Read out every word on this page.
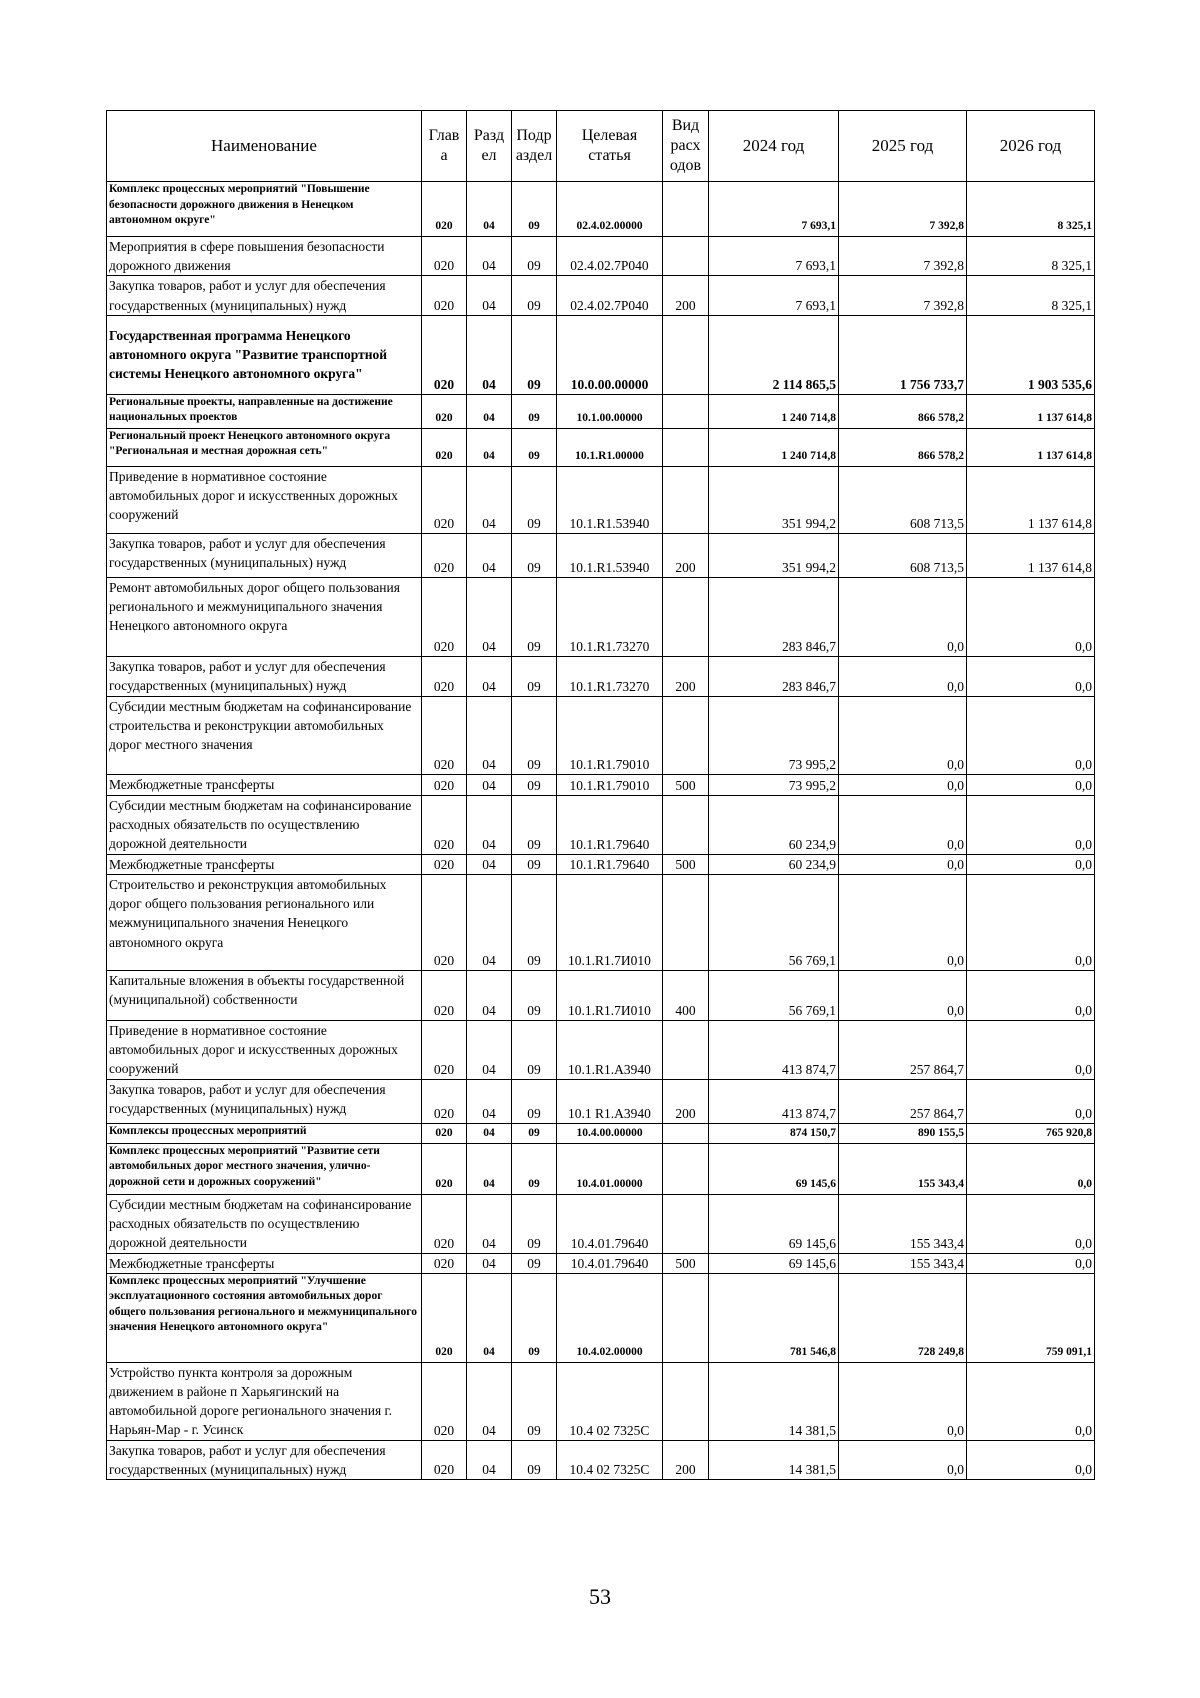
Наименование	Глав а	Разд ел	Подр аздел	Целевая статья	Вид расх одов	2024 год	2025 год	2026 год
Комплекс процессных мероприятий "Повышение безопасности дорожного движения в Ненецком автономном округе"	020	04	09	02.4.02.00000		7 693,1	7 392,8	8 325,1
Мероприятия в сфере повышения безопасности дорожного движения	020	04	09	02.4.02.7Р040		7 693,1	7 392,8	8 325,1
Закупка товаров, работ и услуг для обеспечения государственных (муниципальных) нужд	020	04	09	02.4.02.7Р040	200	7 693,1	7 392,8	8 325,1
Государственная программа Ненецкого автономного округа "Развитие транспортной системы Ненецкого автономного округа"	020	04	09	10.0.00.00000		2 114 865,5	1 756 733,7	1 903 535,6
Региональные проекты, направленные на достижение национальных проектов	020	04	09	10.1.00.00000		1 240 714,8	866 578,2	1 137 614,8
Региональный проект Ненецкого автономного округа "Региональная и местная дорожная сеть"	020	04	09	10.1.R1.00000		1 240 714,8	866 578,2	1 137 614,8
Приведение в нормативное состояние автомобильных дорог и искусственных дорожных сооружений	020	04	09	10.1.R1.53940		351 994,2	608 713,5	1 137 614,8
Закупка товаров, работ и услуг для обеспечения государственных (муниципальных) нужд	020	04	09	10.1.R1.53940	200	351 994,2	608 713,5	1 137 614,8
Ремонт автомобильных дорог общего пользования регионального и межмуниципального значения Ненецкого автономного округа	020	04	09	10.1.R1.73270		283 846,7	0,0	0,0
Закупка товаров, работ и услуг для обеспечения государственных (муниципальных) нужд	020	04	09	10.1.R1.73270	200	283 846,7	0,0	0,0
Субсидии местным бюджетам на софинансирование строительства и реконструкции автомобильных дорог местного значения	020	04	09	10.1.R1.79010		73 995,2	0,0	0,0
Межбюджетные трансферты	020	04	09	10.1.R1.79010	500	73 995,2	0,0	0,0
Субсидии местным бюджетам на софинансирование расходных обязательств по осуществлению дорожной деятельности	020	04	09	10.1.R1.79640		60 234,9	0,0	0,0
Межбюджетные трансферты	020	04	09	10.1.R1.79640	500	60 234,9	0,0	0,0
Строительство и реконструкция автомобильных дорог общего пользования регионального или межмуниципального значения Ненецкого автономного округа	020	04	09	10.1.R1.7И010		56 769,1	0,0	0,0
Капитальные вложения в объекты государственной (муниципальной) собственности	020	04	09	10.1.R1.7И010	400	56 769,1	0,0	0,0
Приведение в нормативное состояние автомобильных дорог и искусственных дорожных сооружений	020	04	09	10.1.R1.А3940		413 874,7	257 864,7	0,0
Закупка товаров, работ и услуг для обеспечения государственных (муниципальных) нужд	020	04	09	10.1 R1.А3940	200	413 874,7	257 864,7	0,0
Комплексы процессных мероприятий	020	04	09	10.4.00.00000		874 150,7	890 155,5	765 920,8
Комплекс процессных мероприятий "Развитие сети автомобильных дорог местного значения, улично-дорожной сети и дорожных сооружений"	020	04	09	10.4.01.00000		69 145,6	155 343,4	0,0
Субсидии местным бюджетам на софинансирование расходных обязательств по осуществлению дорожной деятельности	020	04	09	10.4.01.79640		69 145,6	155 343,4	0,0
Межбюджетные трансферты	020	04	09	10.4.01.79640	500	69 145,6	155 343,4	0,0
Комплекс процессных мероприятий "Улучшение эксплуатационного состояния автомобильных дорог общего пользования регионального и межмуниципального значения Ненецкого автономного округа"	020	04	09	10.4.02.00000		781 546,8	728 249,8	759 091,1
Устройство пункта контроля за дорожным движением в районе п Харьягинский на автомобильной дороге регионального значения г. Нарьян-Мар - г. Усинск	020	04	09	10.4 02 7325С		14 381,5	0,0	0,0
Закупка товаров, работ и услуг для обеспечения государственных (муниципальных) нужд	020	04	09	10.4 02 7325С	200	14 381,5	0,0	0,0
53
